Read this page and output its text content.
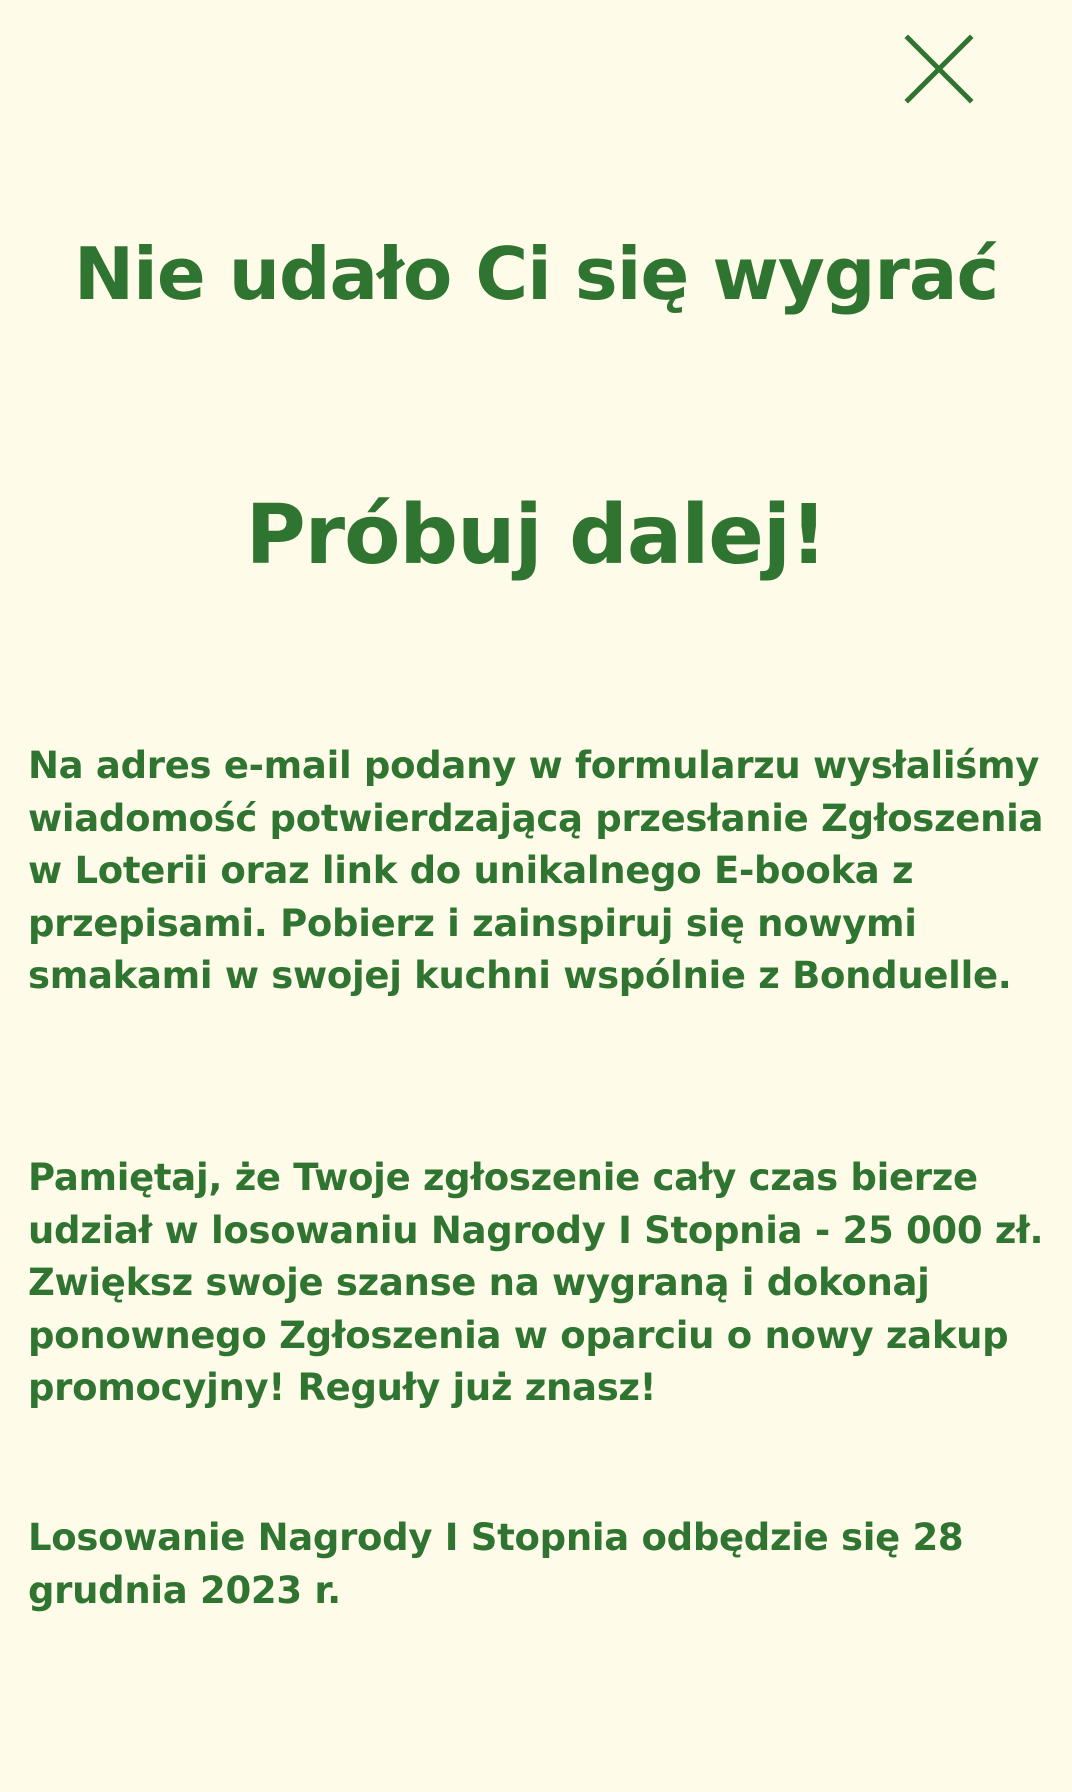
Nie udało Ci się wygrać
Próbuj dalej!

Na adres e-mail podany w formularzu wysłaliśmy wiadomość potwierdzającą przesłanie Zgłoszenia w Loterii oraz link do unikalnego E-booka z przepisami. Pobierz i zainspiruj się nowymi smakami w swojej kuchni wspólnie z Bonduelle.

Pamiętaj, że Twoje zgłoszenie cały czas bierze udział w losowaniu Nagrody I Stopnia - 25 000 zł. Zwiększ swoje szanse na wygraną i dokonaj ponownego Zgłoszenia w oparciu o nowy zakup promocyjny! Reguły już znasz!

Losowanie Nagrody I Stopnia odbędzie się 28 grudnia 2023 r.
